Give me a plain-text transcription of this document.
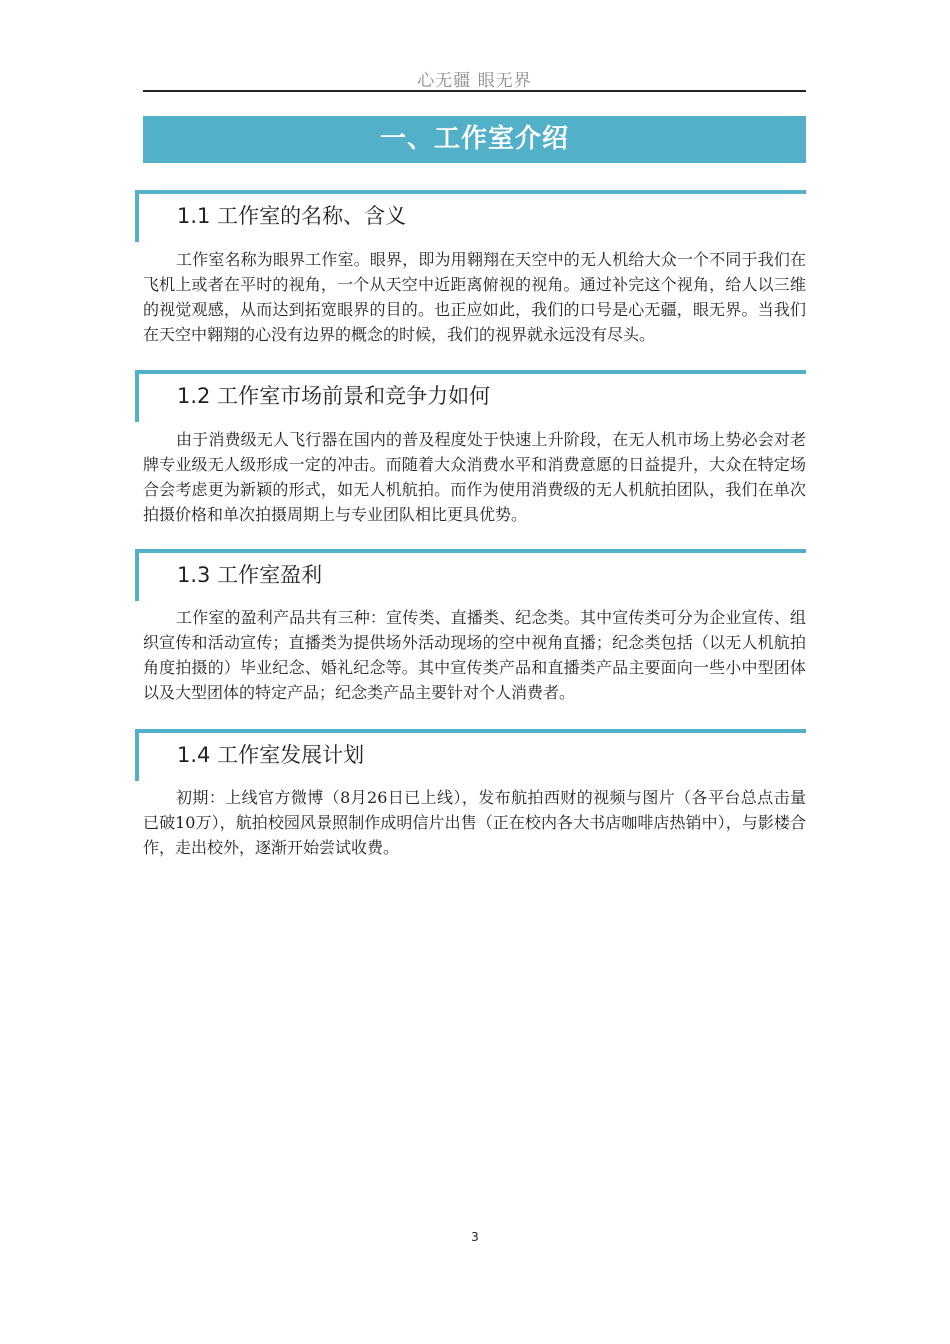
心无疆 眼无界
一、工作室介绍
1.1 工作室的名称、含义

工作室名称为眼界工作室。眼界，即为用翱翔在天空中的无人机给大众一个不同于我们在飞机上或者在平时的视角，一个从天空中近距离俯视的视角。通过补完这个视角，给人以三维的视觉观感，从而达到拓宽眼界的目的。也正应如此，我们的口号是心无疆，眼无界。当我们在天空中翱翔的心没有边界的概念的时候，我们的视界就永远没有尽头。

1.2 工作室市场前景和竞争力如何

由于消费级无人飞行器在国内的普及程度处于快速上升阶段，在无人机市场上势必会对老牌专业级无人级形成一定的冲击。而随着大众消费水平和消费意愿的日益提升，大众在特定场合会考虑更为新颖的形式，如无人机航拍。而作为使用消费级的无人机航拍团队，我们在单次拍摄价格和单次拍摄周期上与专业团队相比更具优势。

1.3 工作室盈利

工作室的盈利产品共有三种：宣传类、直播类、纪念类。其中宣传类可分为企业宣传、组织宣传和活动宣传；直播类为提供场外活动现场的空中视角直播；纪念类包括（以无人机航拍角度拍摄的）毕业纪念、婚礼纪念等。其中宣传类产品和直播类产品主要面向一些小中型团体以及大型团体的特定产品；纪念类产品主要针对个人消费者。

1.4 工作室发展计划

初期：上线官方微博（8月26日已上线），发布航拍西财的视频与图片（各平台总点击量已破10万），航拍校园风景照制作成明信片出售（正在校内各大书店咖啡店热销中），与影楼合作，走出校外，逐渐开始尝试收费。

3
